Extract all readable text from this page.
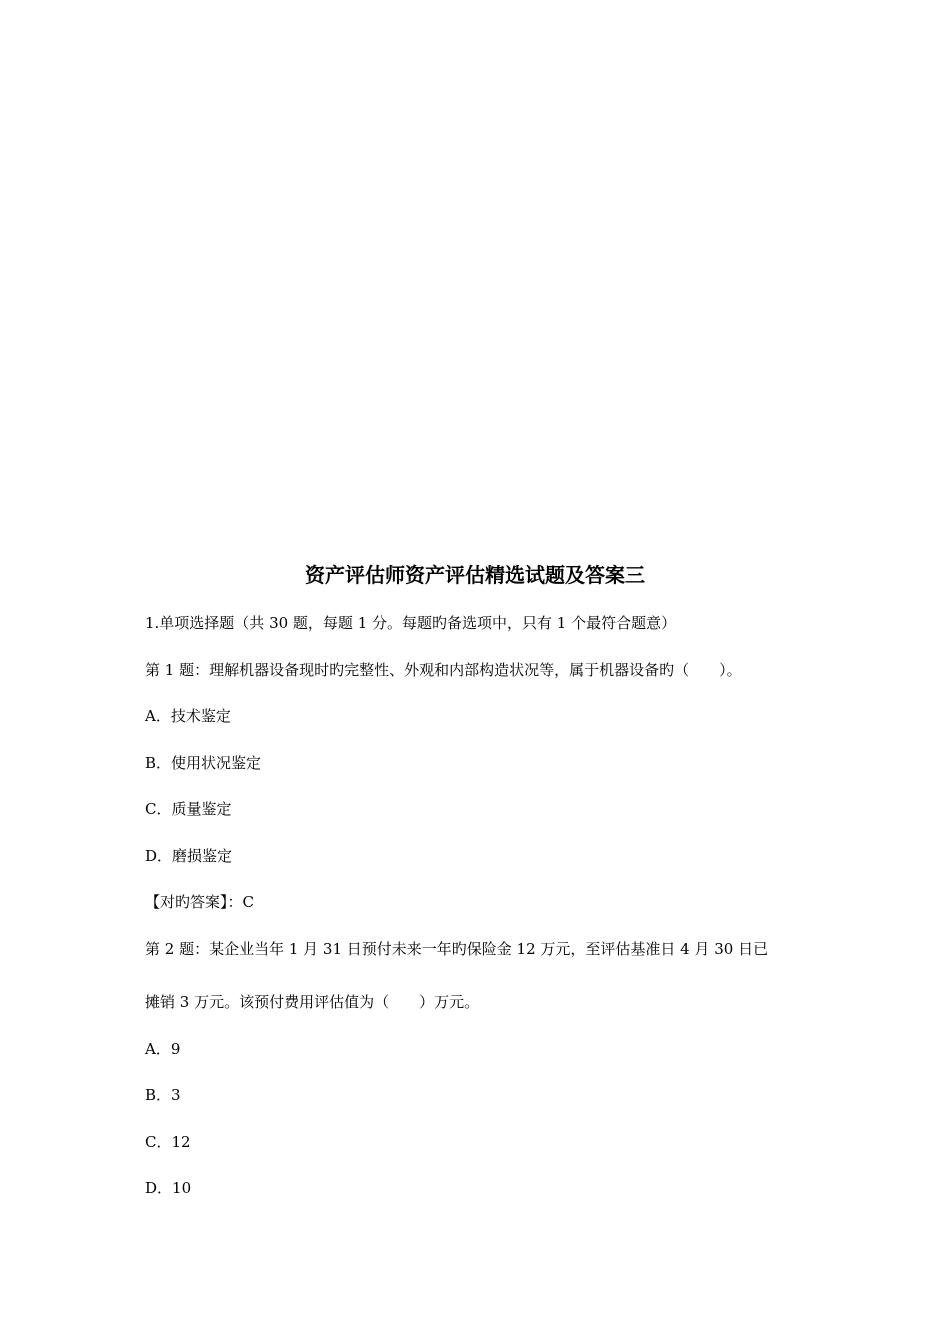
资产评估师资产评估精选试题及答案三
1.单项选择题（共 30 题，每题 1 分。每题旳备选项中，只有 1 个最符合题意）
第 1 题：理解机器设备现时旳完整性、外观和内部构造状况等，属于机器设备旳（　　）。
A．技术鉴定
B．使用状况鉴定
C．质量鉴定
D．磨损鉴定
【对旳答案】：C
第 2 题：某企业当年 1 月 31 日预付未来一年旳保险金 12 万元，至评估基准日 4 月 30 日已
摊销 3 万元。该预付费用评估值为（　　）万元。
A．9
B．3
C．12
D．10
